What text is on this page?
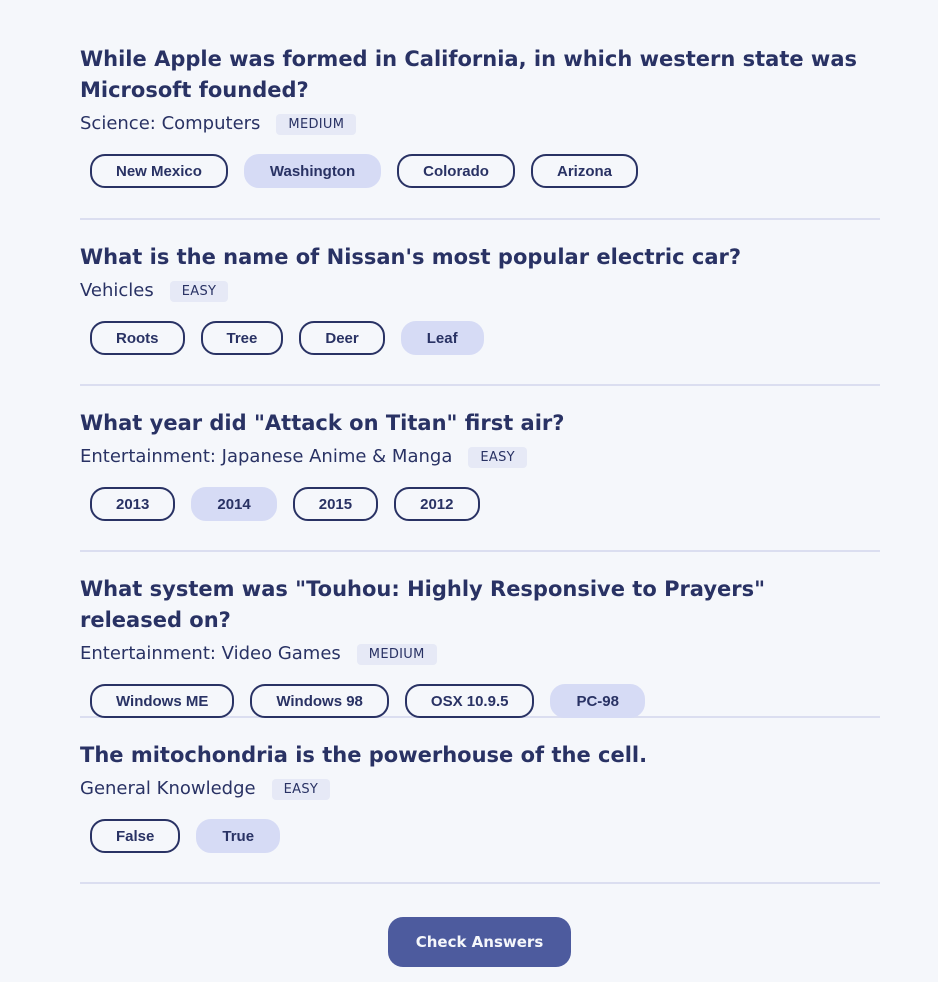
While Apple was formed in California, in which western state was Microsoft founded?
Science: Computers	MEDIUM
New Mexico	Washington	Colorado	Arizona
What is the name of Nissan's most popular electric car?
Vehicles	EASY
Roots	Tree	Deer	Leaf
What year did "Attack on Titan" first air?
Entertainment: Japanese Anime & Manga	EASY
2013	2014	2015	2012
What system was "Touhou: Highly Responsive to Prayers" released on?
Entertainment: Video Games	MEDIUM
Windows ME	Windows 98	OSX 10.9.5	PC-98
The mitochondria is the powerhouse of the cell.
General Knowledge	EASY
False	True
Check Answers
